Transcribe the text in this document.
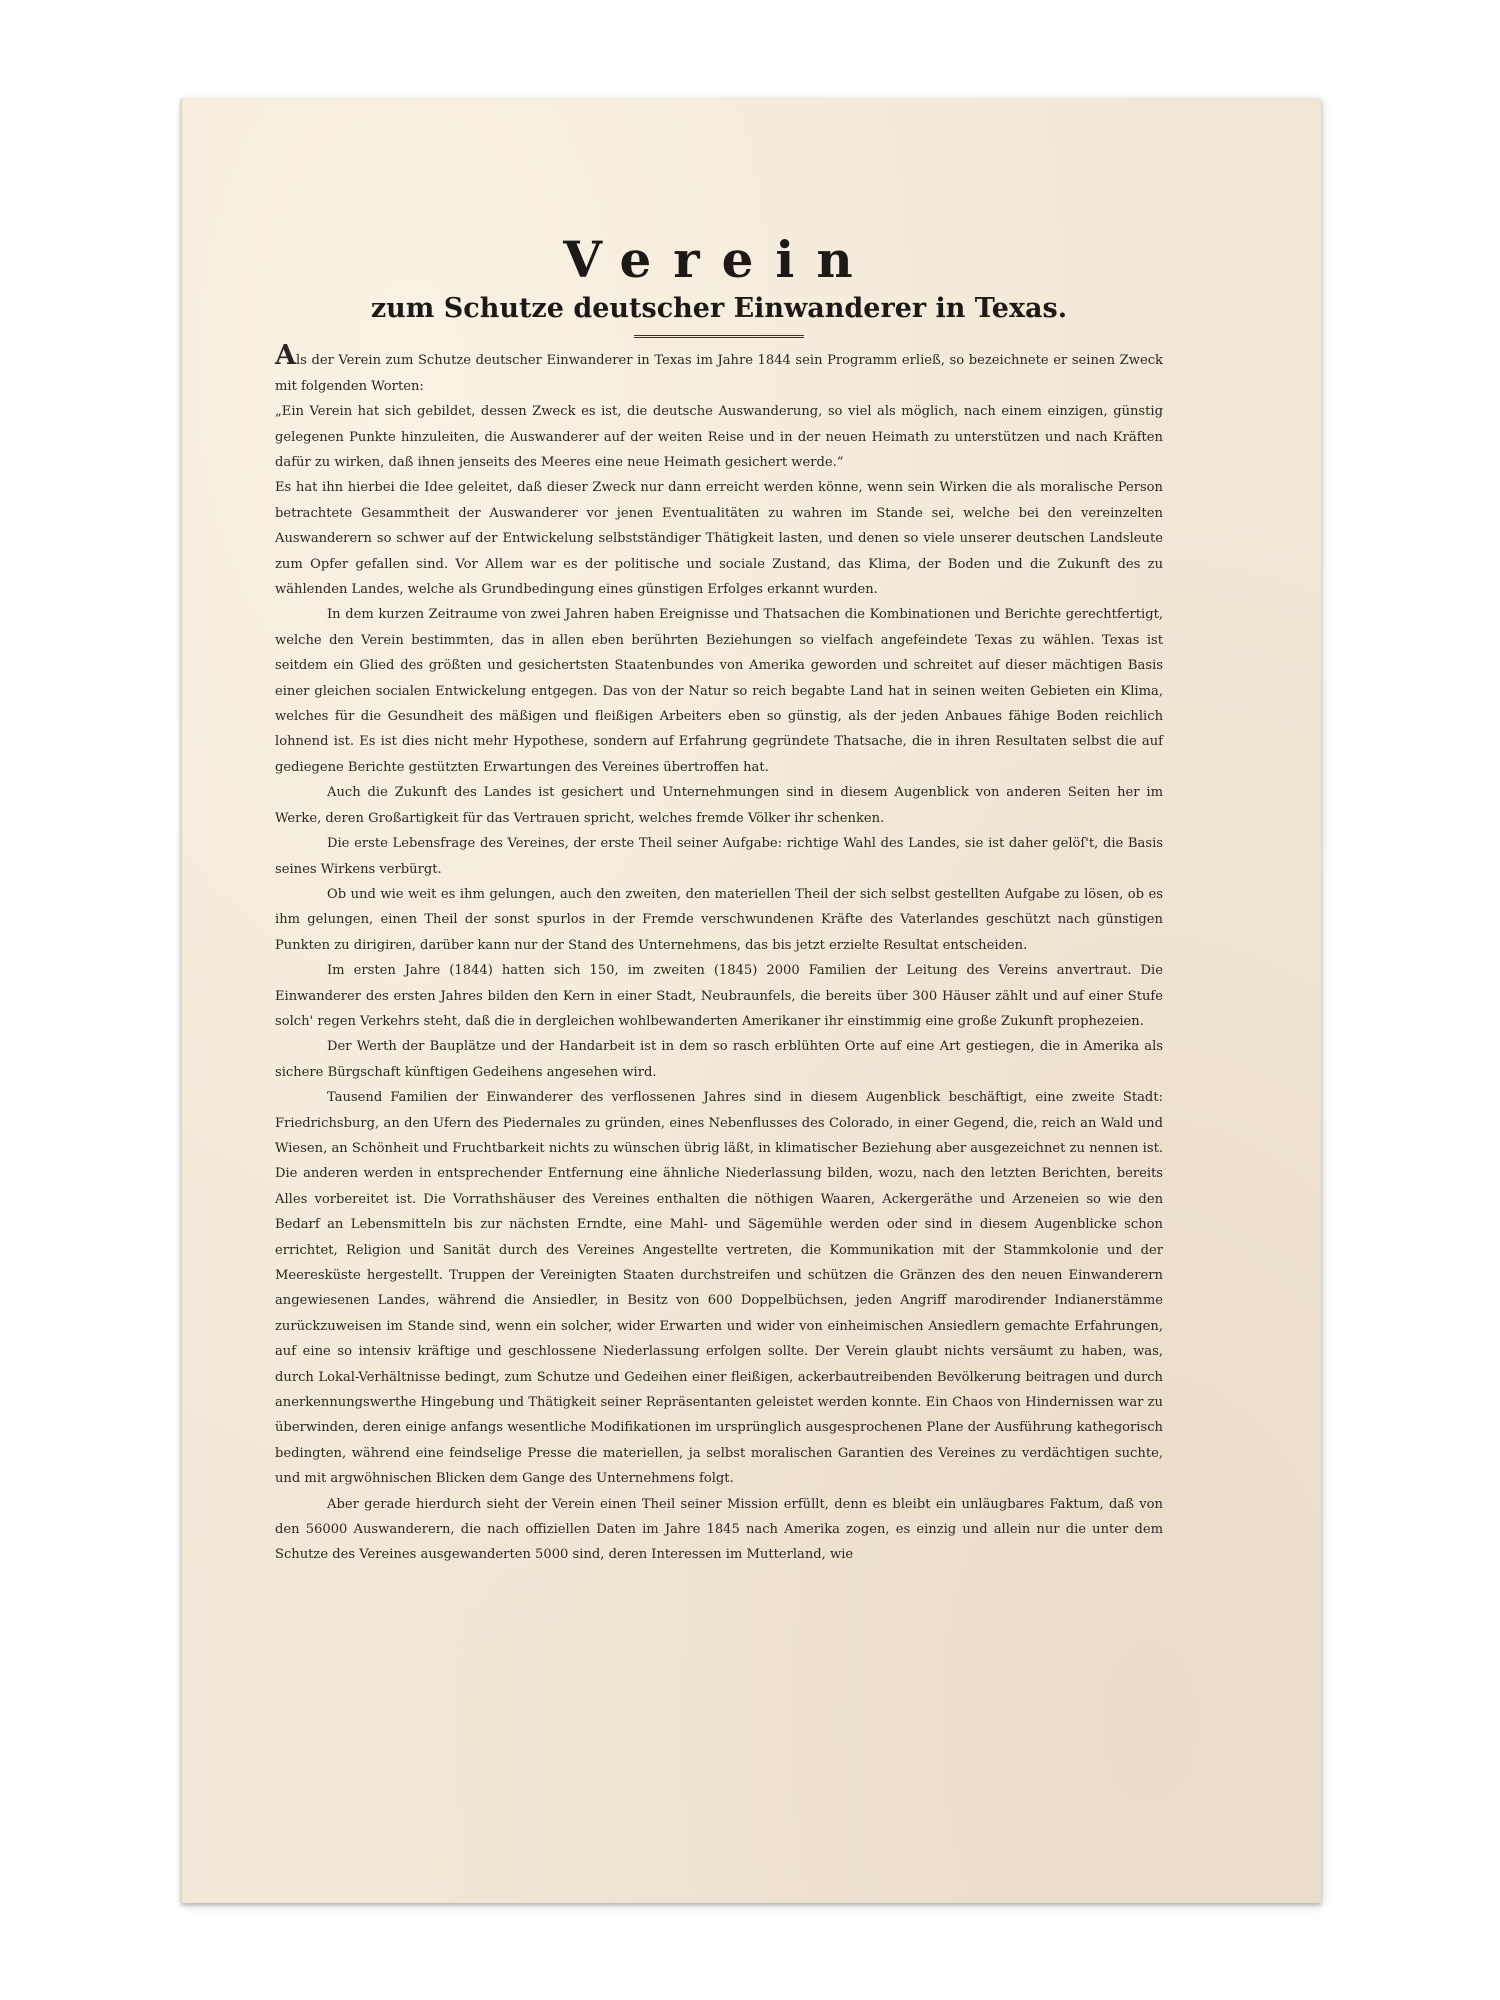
Verein
zum Schutze deutscher Einwanderer in Texas.

Als der Verein zum Schutze deutscher Einwanderer in Texas im Jahre 1844 sein Programm erließ, so bezeichnete er seinen Zweck mit folgenden Worten:

„Ein Verein hat sich gebildet, dessen Zweck es ist, die deutsche Auswanderung, so viel als möglich, nach einem einzigen, günstig gelegenen Punkte hinzuleiten, die Auswanderer auf der weiten Reise und in der neuen Heimath zu unterstützen und nach Kräften dafür zu wirken, daß ihnen jenseits des Meeres eine neue Heimath gesichert werde.“

Es hat ihn hierbei die Idee geleitet, daß dieser Zweck nur dann erreicht werden könne, wenn sein Wirken die als moralische Person betrachtete Gesammtheit der Auswanderer vor jenen Eventualitäten zu wahren im Stande sei, welche bei den vereinzelten Auswanderern so schwer auf der Entwickelung selbstständiger Thätigkeit lasten, und denen so viele unserer deutschen Landsleute zum Opfer gefallen sind. Vor Allem war es der politische und sociale Zustand, das Klima, der Boden und die Zukunft des zu wählenden Landes, welche als Grundbedingung eines günstigen Erfolges erkannt wurden.

In dem kurzen Zeitraume von zwei Jahren haben Ereignisse und Thatsachen die Kombinationen und Berichte gerechtfertigt, welche den Verein bestimmten, das in allen eben berührten Beziehungen so vielfach angefeindete Texas zu wählen. Texas ist seitdem ein Glied des größten und gesichertsten Staatenbundes von Amerika geworden und schreitet auf dieser mächtigen Basis einer gleichen socialen Entwickelung entgegen. Das von der Natur so reich begabte Land hat in seinen weiten Gebieten ein Klima, welches für die Gesundheit des mäßigen und fleißigen Arbeiters eben so günstig, als der jeden Anbaues fähige Boden reichlich lohnend ist. Es ist dies nicht mehr Hypothese, sondern auf Erfahrung gegründete Thatsache, die in ihren Resultaten selbst die auf gediegene Berichte gestützten Erwartungen des Vereines übertroffen hat.

Auch die Zukunft des Landes ist gesichert und Unternehmungen sind in diesem Augenblick von anderen Seiten her im Werke, deren Großartigkeit für das Vertrauen spricht, welches fremde Völker ihr schenken.

Die erste Lebensfrage des Vereines, der erste Theil seiner Aufgabe: richtige Wahl des Landes, sie ist daher gelöſ't, die Basis seines Wirkens verbürgt.

Ob und wie weit es ihm gelungen, auch den zweiten, den materiellen Theil der sich selbst gestellten Aufgabe zu lösen, ob es ihm gelungen, einen Theil der sonst spurlos in der Fremde verschwundenen Kräfte des Vaterlandes geschützt nach günstigen Punkten zu dirigiren, darüber kann nur der Stand des Unternehmens, das bis jetzt erzielte Resultat entscheiden.

Im ersten Jahre (1844) hatten sich 150, im zweiten (1845) 2000 Familien der Leitung des Vereins anvertraut. Die Einwanderer des ersten Jahres bilden den Kern in einer Stadt, Neubraunfels, die bereits über 300 Häuser zählt und auf einer Stufe solch' regen Verkehrs steht, daß die in dergleichen wohlbewanderten Amerikaner ihr einstimmig eine große Zukunft prophezeien.

Der Werth der Bauplätze und der Handarbeit ist in dem so rasch erblühten Orte auf eine Art gestiegen, die in Amerika als sichere Bürgschaft künftigen Gedeihens angesehen wird.

Tausend Familien der Einwanderer des verflossenen Jahres sind in diesem Augenblick beschäftigt, eine zweite Stadt: Friedrichsburg, an den Ufern des Piedernales zu gründen, eines Nebenflusses des Colorado, in einer Gegend, die, reich an Wald und Wiesen, an Schönheit und Fruchtbarkeit nichts zu wünschen übrig läßt, in klimatischer Beziehung aber ausgezeichnet zu nennen ist. Die anderen werden in entsprechender Entfernung eine ähnliche Niederlassung bilden, wozu, nach den letzten Berichten, bereits Alles vorbereitet ist. Die Vorrathshäuser des Vereines enthalten die nöthigen Waaren, Ackergeräthe und Arzeneien so wie den Bedarf an Lebensmitteln bis zur nächsten Erndte, eine Mahl- und Sägemühle werden oder sind in diesem Augenblicke schon errichtet, Religion und Sanität durch des Vereines Angestellte vertreten, die Kommunikation mit der Stammkolonie und der Meeresküste hergestellt. Truppen der Vereinigten Staaten durchstreifen und schützen die Gränzen des den neuen Einwanderern angewiesenen Landes, während die Ansiedler, in Besitz von 600 Doppelbüchsen, jeden Angriff marodirender Indianerstämme zurückzuweisen im Stande sind, wenn ein solcher, wider Erwarten und wider von einheimischen Ansiedlern gemachte Erfahrungen, auf eine so intensiv kräftige und geschlossene Niederlassung erfolgen sollte. Der Verein glaubt nichts versäumt zu haben, was, durch Lokal-Verhältnisse bedingt, zum Schutze und Gedeihen einer fleißigen, ackerbautreibenden Bevölkerung beitragen und durch anerkennungswerthe Hingebung und Thätigkeit seiner Repräsentanten geleistet werden konnte. Ein Chaos von Hindernissen war zu überwinden, deren einige anfangs wesentliche Modifikationen im ursprünglich ausgesprochenen Plane der Ausführung kathegorisch bedingten, während eine feindselige Presse die materiellen, ja selbst moralischen Garantien des Vereines zu verdächtigen suchte, und mit argwöhnischen Blicken dem Gange des Unternehmens folgt.

Aber gerade hierdurch sieht der Verein einen Theil seiner Mission erfüllt, denn es bleibt ein unläugbares Faktum, daß von den 56000 Auswanderern, die nach offiziellen Daten im Jahre 1845 nach Amerika zogen, es einzig und allein nur die unter dem Schutze des Vereines ausgewanderten 5000 sind, deren Interessen im Mutterland, wie
